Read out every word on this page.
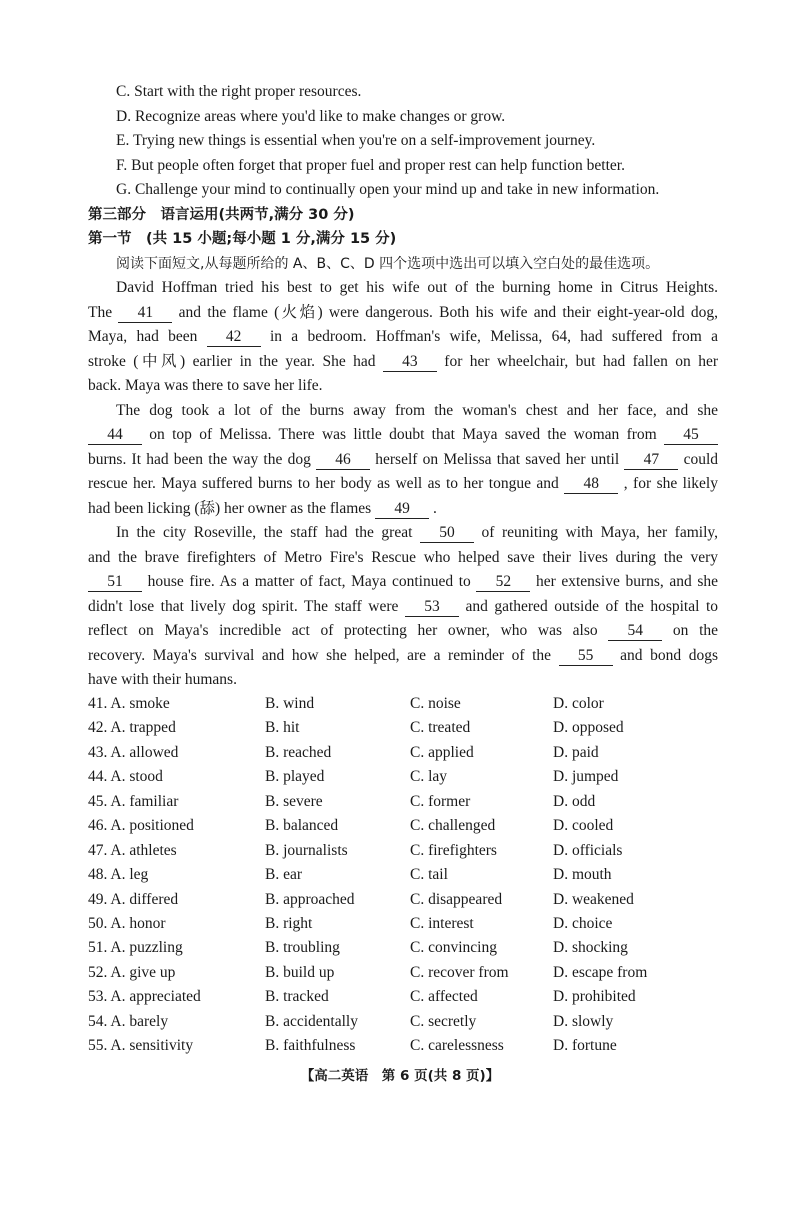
C. Start with the right proper resources.
D. Recognize areas where you'd like to make changes or grow.
E. Trying new things is essential when you're on a self-improvement journey.
F. But people often forget that proper fuel and proper rest can help function better.
G. Challenge your mind to continually open your mind up and take in new information.
第三部分　语言运用(共两节,满分 30 分)
第一节　(共 15 小题;每小题 1 分,满分 15 分)
阅读下面短文,从每题所给的 A、B、C、D 四个选项中选出可以填入空白处的最佳选项。
David Hoffman tried his best to get his wife out of the burning home in Citrus Heights.
The 41 and the flame (火焰) were dangerous. Both his wife and their eight-year-old dog,
Maya, had been 42 in a bedroom. Hoffman's wife, Melissa, 64, had suffered from a
stroke (中风) earlier in the year. She had 43 for her wheelchair, but had fallen on her
back. Maya was there to save her life.
The dog took a lot of the burns away from the woman's chest and her face, and she
44 on top of Melissa. There was little doubt that Maya saved the woman from 45
burns. It had been the way the dog 46 herself on Melissa that saved her until 47 could
rescue her. Maya suffered burns to her body as well as to her tongue and 48 , for she likely
had been licking (舔) her owner as the flames 49 .
In the city Roseville, the staff had the great 50 of reuniting with Maya, her family,
and the brave firefighters of Metro Fire's Rescue who helped save their lives during the very
51 house fire. As a matter of fact, Maya continued to 52 her extensive burns, and she
didn't lose that lively dog spirit. The staff were 53 and gathered outside of the hospital to
reflect on Maya's incredible act of protecting her owner, who was also 54 on the
recovery. Maya's survival and how she helped, are a reminder of the 55 and bond dogs
have with their humans.
41. A. smoke	B. wind	C. noise	D. color
42. A. trapped	B. hit	C. treated	D. opposed
43. A. allowed	B. reached	C. applied	D. paid
44. A. stood	B. played	C. lay	D. jumped
45. A. familiar	B. severe	C. former	D. odd
46. A. positioned	B. balanced	C. challenged	D. cooled
47. A. athletes	B. journalists	C. firefighters	D. officials
48. A. leg	B. ear	C. tail	D. mouth
49. A. differed	B. approached	C. disappeared	D. weakened
50. A. honor	B. right	C. interest	D. choice
51. A. puzzling	B. troubling	C. convincing	D. shocking
52. A. give up	B. build up	C. recover from	D. escape from
53. A. appreciated	B. tracked	C. affected	D. prohibited
54. A. barely	B. accidentally	C. secretly	D. slowly
55. A. sensitivity	B. faithfulness	C. carelessness	D. fortune
【高二英语　第 6 页(共 8 页)】
